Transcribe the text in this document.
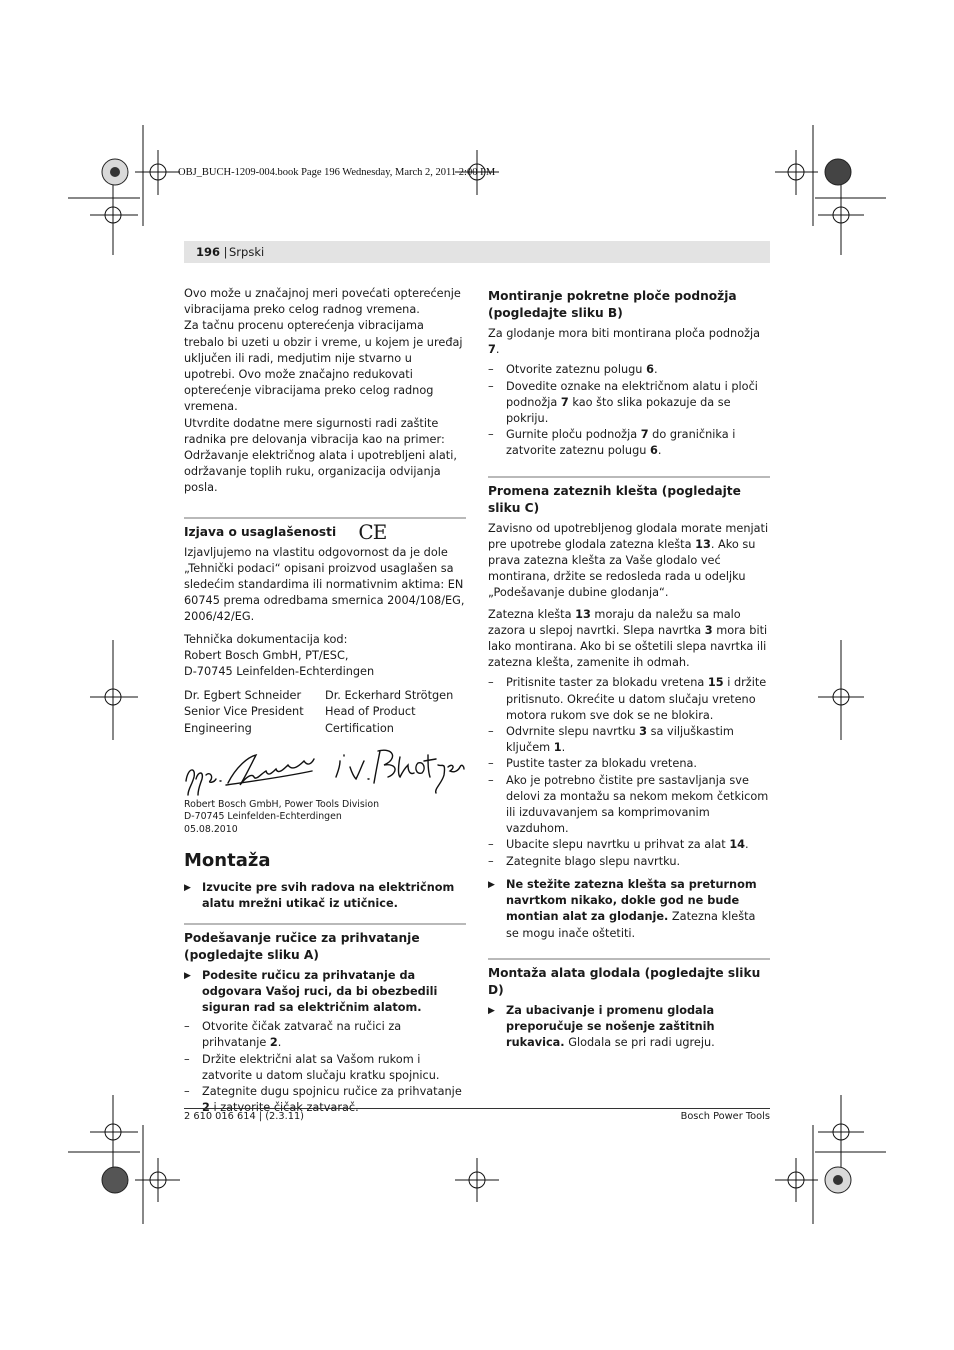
OBJ_BUCH-1209-004.book Page 196 Wednesday, March 2, 2011 2:00 PM
196 |
Srpski

Ovo može u značajnoj meri povećati opterećenje vibracijama preko celog radnog vremena.

Za tačnu procenu opterećenja vibracijama trebalo bi uzeti u obzir i vreme, u kojem je uređaj uključen ili radi, medjutim nije stvarno u upotrebi. Ovo može značajno redukovati opterećenje vibracijama preko celog radnog vremena.

Utvrdite dodatne mere sigurnosti radi zaštite radnika pre delovanja vibracija kao na primer: Održavanje električnog alata i upotrebljeni alati, održavanje toplih ruku, organizacija odvijanja posla.

Izjava o usaglašenosti CE

Izjavljujemo na vlastitu odgovornost da je dole „Tehnički podaci“ opisani proizvod usaglašen sa sledećim standardima ili normativnim aktima: EN 60745 prema odredbama smernica 2004/108/EG, 2006/42/EG.

Tehnička dokumentacija kod:

Robert Bosch GmbH, PT/ESC,

D-70745 Leinfelden-Echterdingen

Dr. Egbert Schneider

Senior Vice President

Engineering

Dr. Eckerhard Strötgen

Head of Product

Certification

Robert Bosch GmbH, Power Tools Division

D-70745 Leinfelden-Echterdingen

05.08.2010

Montaža
▶ Izvucite pre svih radova na električnom alatu mrežni utikač iz utičnice.
Podešavanje ručice za prihvatanje (pogledajte sliku A)
▶ Podesite ručicu za prihvatanje da odgovara Vašoj ruci, da bi obezbedili siguran rad sa električnim alatom.
– Otvorite čičak zatvarač na ručici za prihvatanje 2.
– Držite električni alat sa Vašom rukom i zatvorite u datom slučaju kratku spojnicu.
– Zategnite dugu spojnicu ručice za prihvatanje 2 i zatvorite čičak zatvarač.
Montiranje pokretne ploče podnožja (pogledajte sliku B)

Za glodanje mora biti montirana ploča podnožja 7.

– Otvorite zateznu polugu 6.
– Dovedite oznake na električnom alatu i ploči podnožja 7 kao što slika pokazuje da se pokriju.
– Gurnite ploču podnožja 7 do graničnika i zatvorite zateznu polugu 6.
Promena zateznih klešta (pogledajte sliku C)

Zavisno od upotrebljenog glodala morate menjati pre upotrebe glodala zatezna klešta 13. Ako su prava zatezna klešta za Vaše glodalo već montirana, držite se redosleda rada u odeljku „Podešavanje dubine glodanja“.

Zatezna klešta 13 moraju da naležu sa malo zazora u slepoj navrtki. Slepa navrtka 3 mora biti lako montirana. Ako bi se oštetili slepa navrtka ili zatezna klešta, zamenite ih odmah.

– Pritisnite taster za blokadu vretena 15 i držite pritisnuto. Okrećite u datom slučaju vreteno motora rukom sve dok se ne blokira.
– Odvrnite slepu navrtku 3 sa viljuškastim ključem 1.
– Pustite taster za blokadu vretena.
– Ako je potrebno čistite pre sastavljanja sve delovi za montažu sa nekom mekom četkicom ili izduvavanjem sa komprimovanim vazduhom.
– Ubacite slepu navrtku u prihvat za alat 14.
– Zategnite blago slepu navrtku.
▶ Ne stežite zatezna klešta sa preturnom navrtkom nikako, dokle god ne bude montian alat za glodanje. Zatezna klešta se mogu inače oštetiti.
Montaža alata glodala (pogledajte sliku D)
▶ Za ubacivanje i promenu glodala preporučuje se nošenje zaštitnih rukavica. Glodala se pri radi ugreju.
2 610 016 614 | (2.3.11)	Bosch Power Tools
